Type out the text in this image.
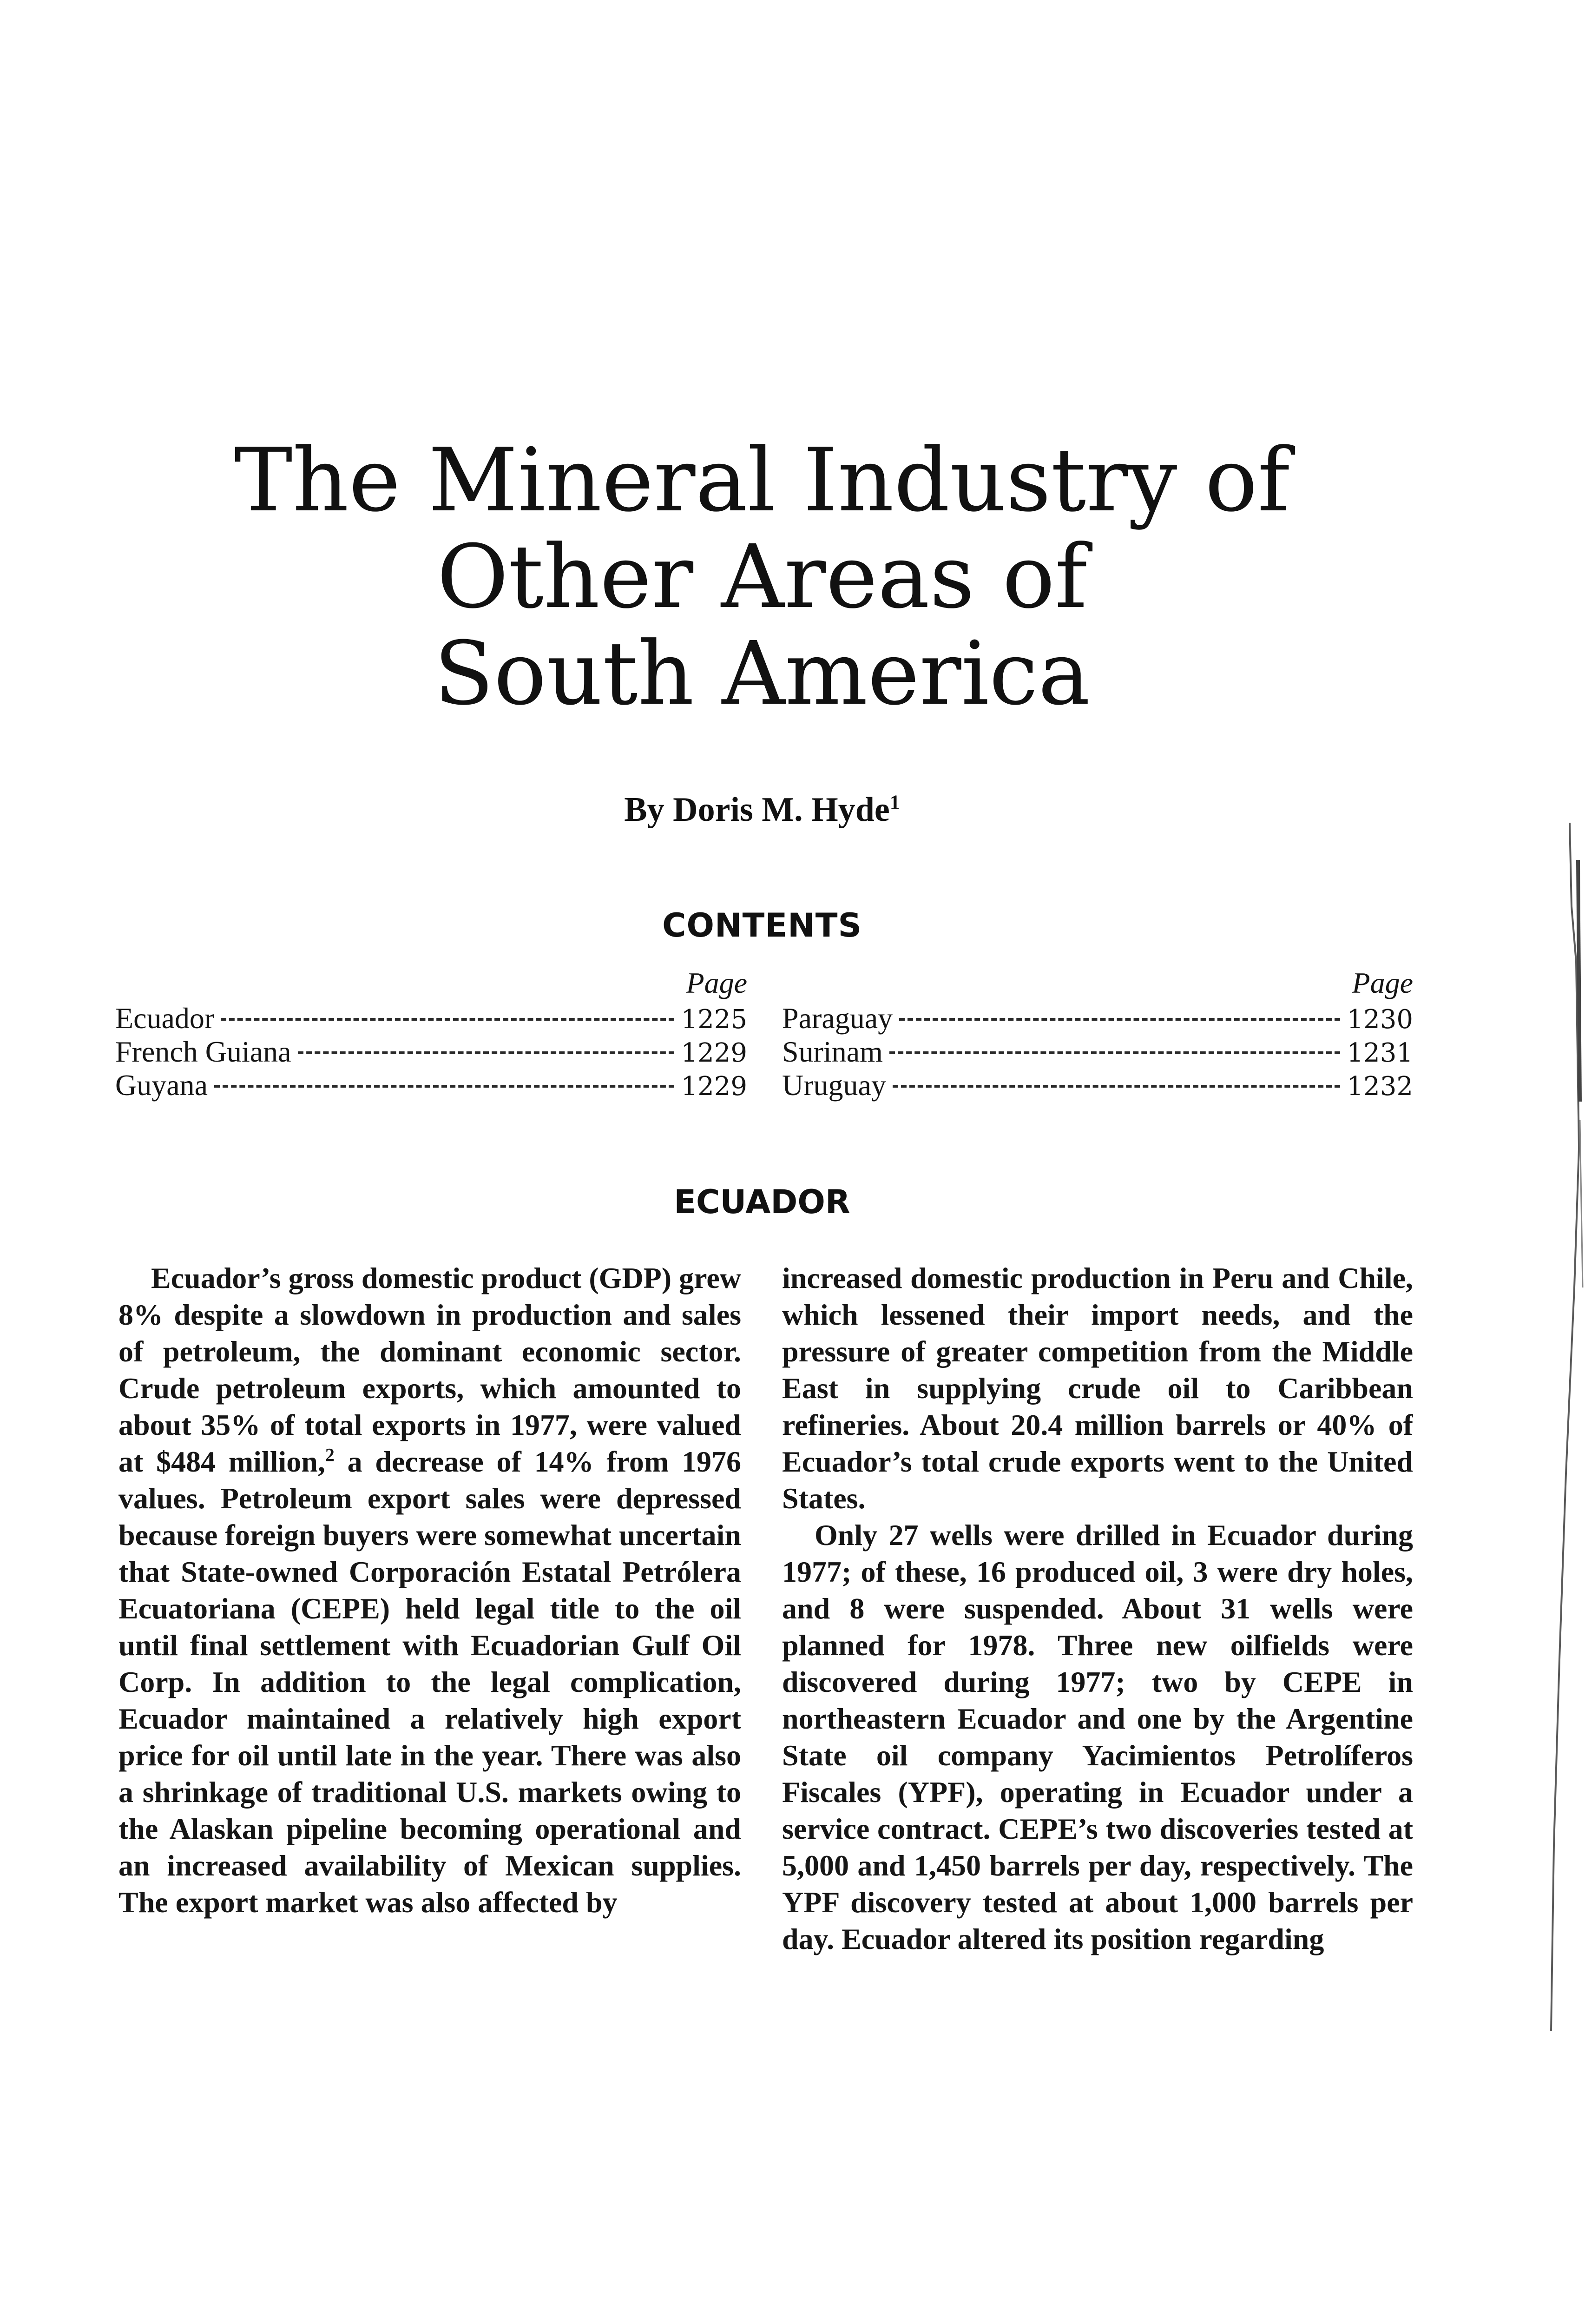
The Mineral Industry of
Other Areas of
South America
By Doris M. Hyde$^1$
CONTENTS
Page
Ecuador	1225
French Guiana	1229
Guyana	1229
Page
Paraguay	1230
Surinam	1231
Uruguay	1232
ECUADOR

Ecuador’s gross domestic product (GDP) grew 8% despite a slowdown in production and sales of petroleum, the dominant economic sector. Crude petroleum exports, which amounted to about 35% of total exports in 1977, were valued at $484 million,$^2$ a decrease of 14% from 1976 values. Petroleum export sales were depressed because foreign buyers were somewhat uncertain that State-owned Corporación Estatal Petrólera Ecuatoriana (CEPE) held legal title to the oil until final settlement with Ecuadorian Gulf Oil Corp. In addition to the legal complication, Ecuador maintained a relatively high export price for oil until late in the year. There was also a shrinkage of traditional U.S. markets owing to the Alaskan pipeline becoming operational and an increased availability of Mexican supplies. The export market was also affected by

increased domestic production in Peru and Chile, which lessened their import needs, and the pressure of greater competition from the Middle East in supplying crude oil to Caribbean refineries. About 20.4 million barrels or 40% of Ecuador’s total crude exports went to the United States.

Only 27 wells were drilled in Ecuador during 1977; of these, 16 produced oil, 3 were dry holes, and 8 were suspended. About 31 wells were planned for 1978. Three new oilfields were discovered during 1977; two by CEPE in northeastern Ecuador and one by the Argentine State oil company Yacimientos Petrolíferos Fiscales (YPF), operating in Ecuador under a service contract. CEPE’s two discoveries tested at 5,000 and 1,450 barrels per day, respectively. The YPF discovery tested at about 1,000 barrels per day. Ecuador altered its position regarding
